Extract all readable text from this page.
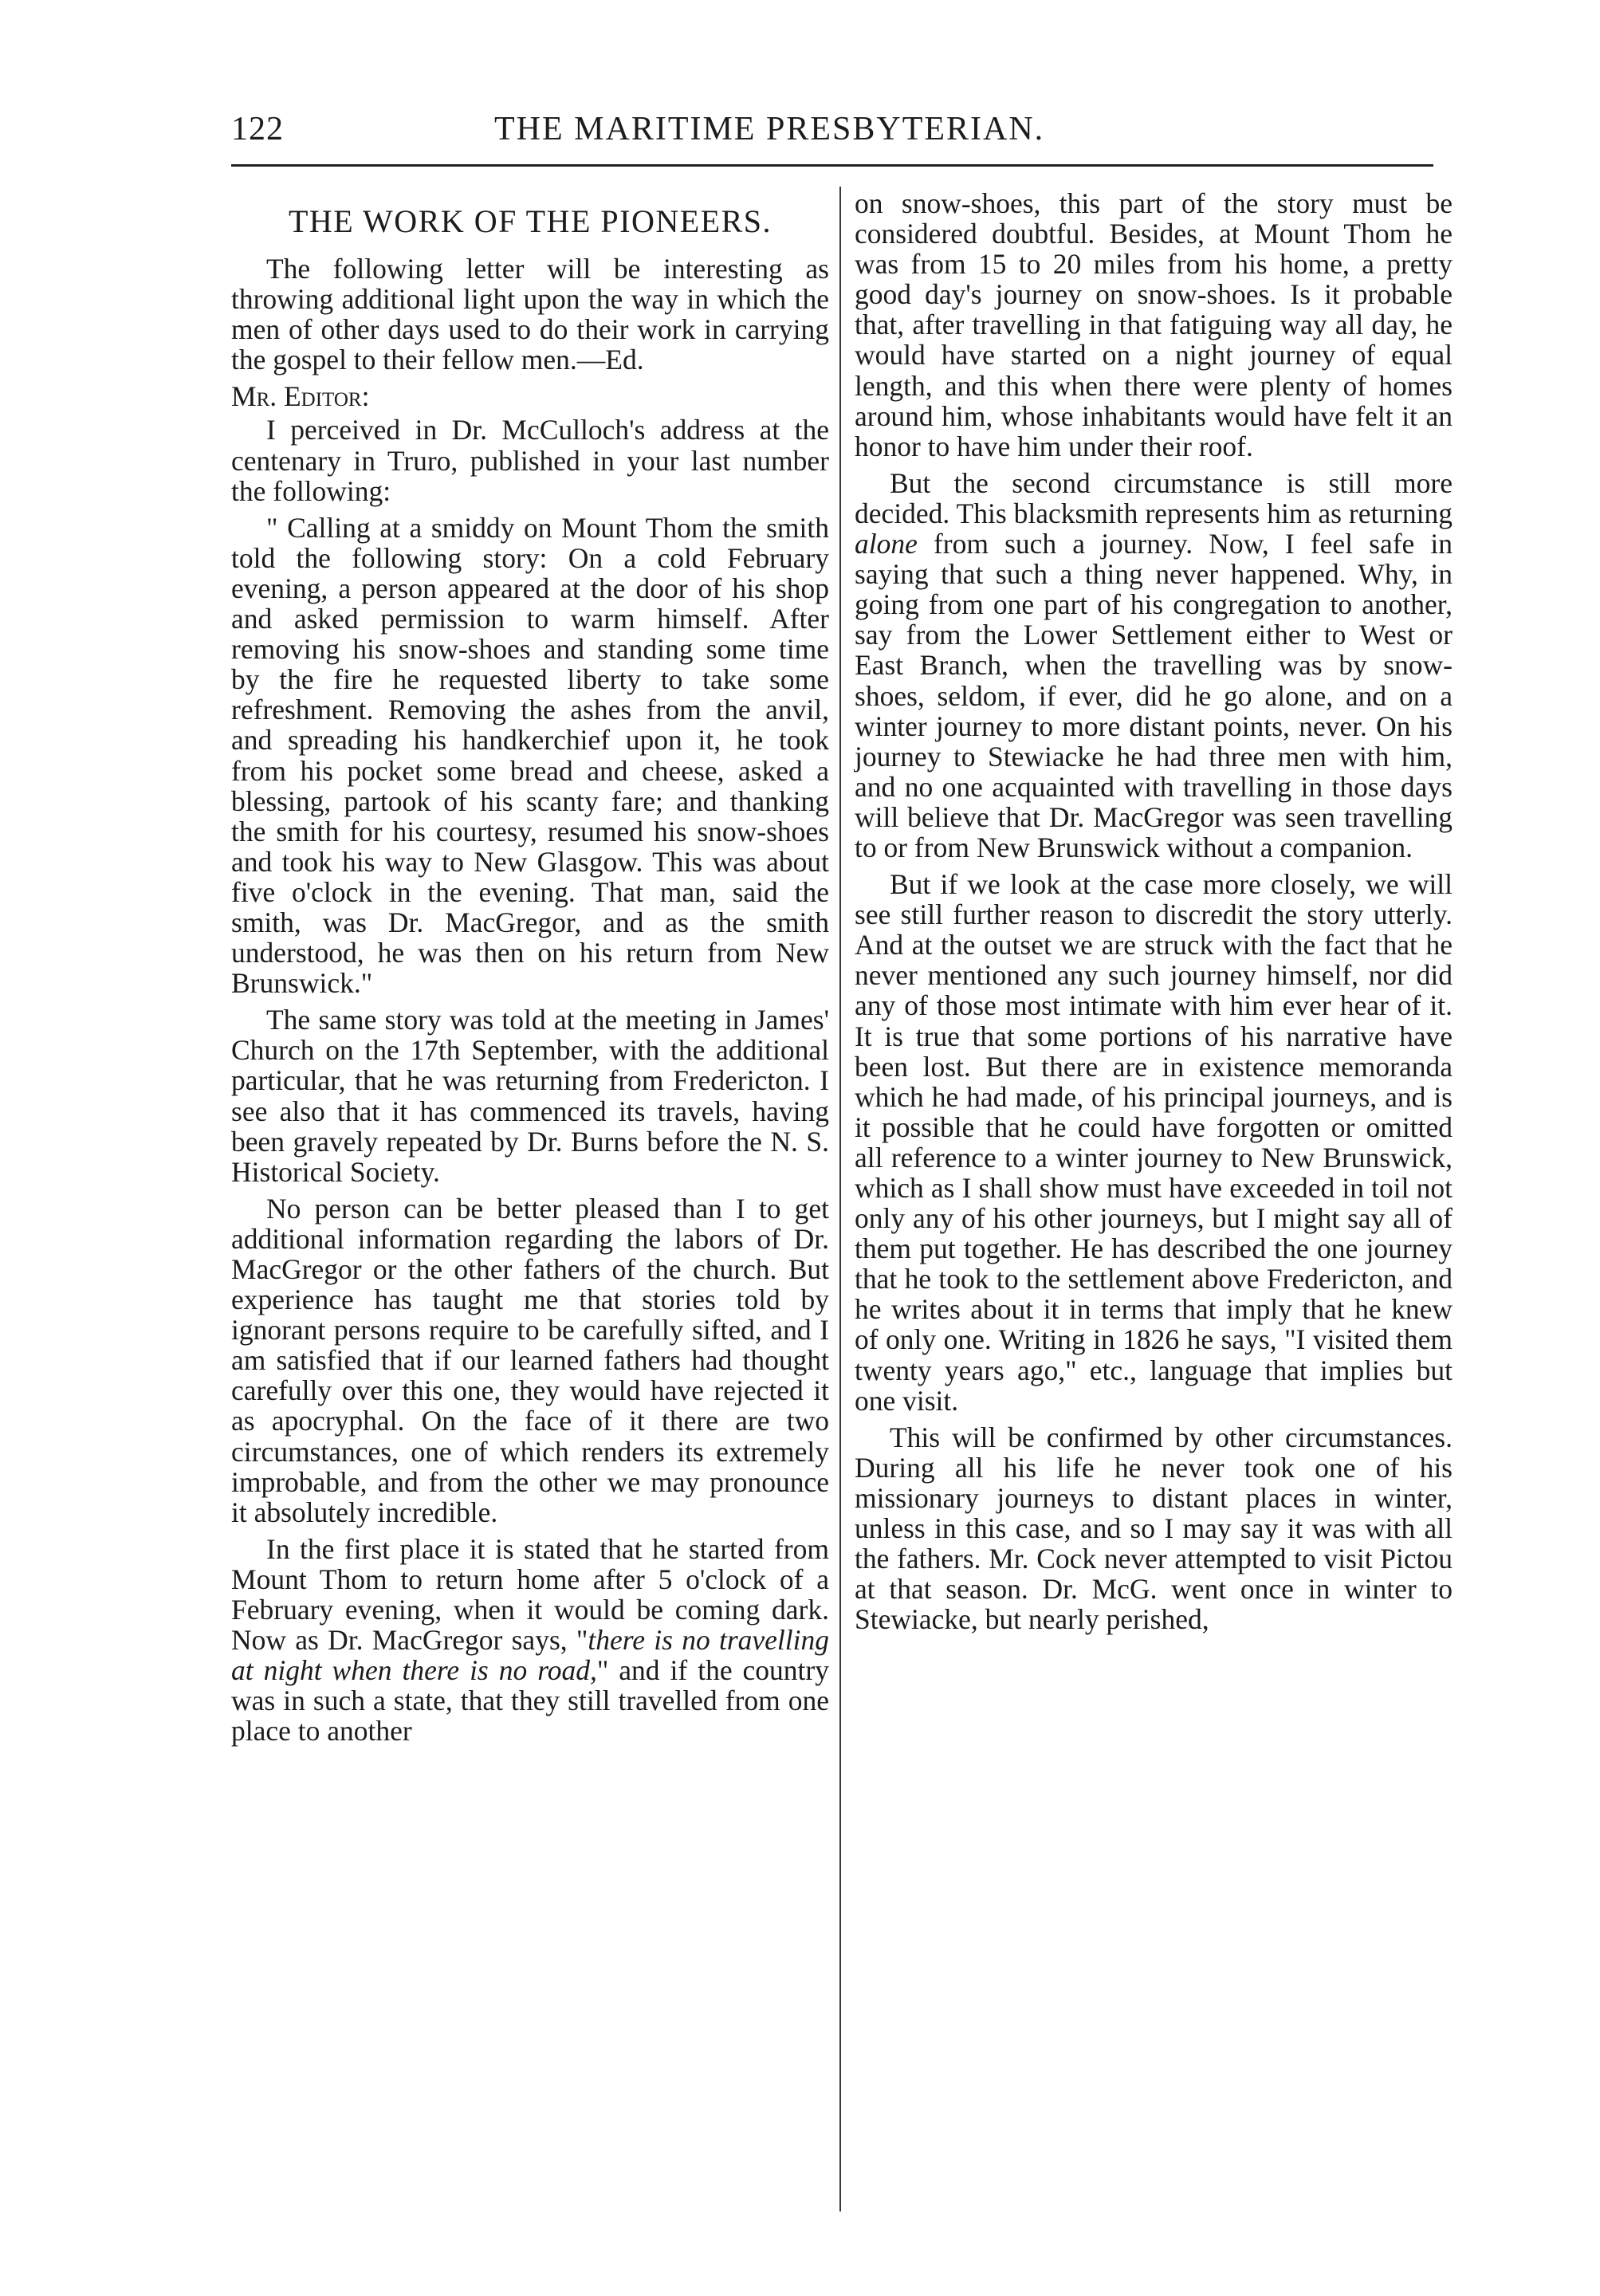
122	THE MARITIME PRESBYTERIAN.
THE WORK OF THE PIONEERS.

The following letter will be interesting as throwing additional light upon the way in which the men of other days used to do their work in carrying the gospel to their fellow men.—Ed.

Mr. Editor:

I perceived in Dr. McCulloch's address at the centenary in Truro, published in your last number the following:

" Calling at a smiddy on Mount Thom the smith told the following story: On a cold February evening, a person appeared at the door of his shop and asked permission to warm himself. After removing his snow-shoes and standing some time by the fire he requested liberty to take some refreshment. Removing the ashes from the anvil, and spreading his handkerchief upon it, he took from his pocket some bread and cheese, asked a blessing, partook of his scanty fare; and thanking the smith for his courtesy, resumed his snow-shoes and took his way to New Glasgow. This was about five o'clock in the evening. That man, said the smith, was Dr. MacGregor, and as the smith understood, he was then on his return from New Brunswick."

The same story was told at the meeting in James' Church on the 17th September, with the additional particular, that he was returning from Fredericton. I see also that it has commenced its travels, having been gravely repeated by Dr. Burns before the N. S. Historical Society.

No person can be better pleased than I to get additional information regarding the labors of Dr. MacGregor or the other fathers of the church. But experience has taught me that stories told by ignorant persons require to be carefully sifted, and I am satisfied that if our learned fathers had thought carefully over this one, they would have rejected it as apocryphal. On the face of it there are two circumstances, one of which renders its extremely improbable, and from the other we may pronounce it absolutely incredible.

In the first place it is stated that he started from Mount Thom to return home after 5 o'clock of a February evening, when it would be coming dark. Now as Dr. MacGregor says, "there is no travelling at night when there is no road," and if the country was in such a state, that they still travelled from one place to another

on snow-shoes, this part of the story must be considered doubtful. Besides, at Mount Thom he was from 15 to 20 miles from his home, a pretty good day's journey on snow-shoes. Is it probable that, after travelling in that fatiguing way all day, he would have started on a night journey of equal length, and this when there were plenty of homes around him, whose inhabitants would have felt it an honor to have him under their roof.

But the second circumstance is still more decided. This blacksmith represents him as returning alone from such a journey. Now, I feel safe in saying that such a thing never happened. Why, in going from one part of his congregation to another, say from the Lower Settlement either to West or East Branch, when the travelling was by snow-shoes, seldom, if ever, did he go alone, and on a winter journey to more distant points, never. On his journey to Stewiacke he had three men with him, and no one acquainted with travelling in those days will believe that Dr. MacGregor was seen travelling to or from New Brunswick without a companion.

But if we look at the case more closely, we will see still further reason to discredit the story utterly. And at the outset we are struck with the fact that he never mentioned any such journey himself, nor did any of those most intimate with him ever hear of it. It is true that some portions of his narrative have been lost. But there are in existence memoranda which he had made, of his principal journeys, and is it possible that he could have forgotten or omitted all reference to a winter journey to New Brunswick, which as I shall show must have exceeded in toil not only any of his other journeys, but I might say all of them put together. He has described the one journey that he took to the settlement above Fredericton, and he writes about it in terms that imply that he knew of only one. Writing in 1826 he says, "I visited them twenty years ago," etc., language that implies but one visit.

This will be confirmed by other circumstances. During all his life he never took one of his missionary journeys to distant places in winter, unless in this case, and so I may say it was with all the fathers. Mr. Cock never attempted to visit Pictou at that season. Dr. McG. went once in winter to Stewiacke, but nearly perished,
